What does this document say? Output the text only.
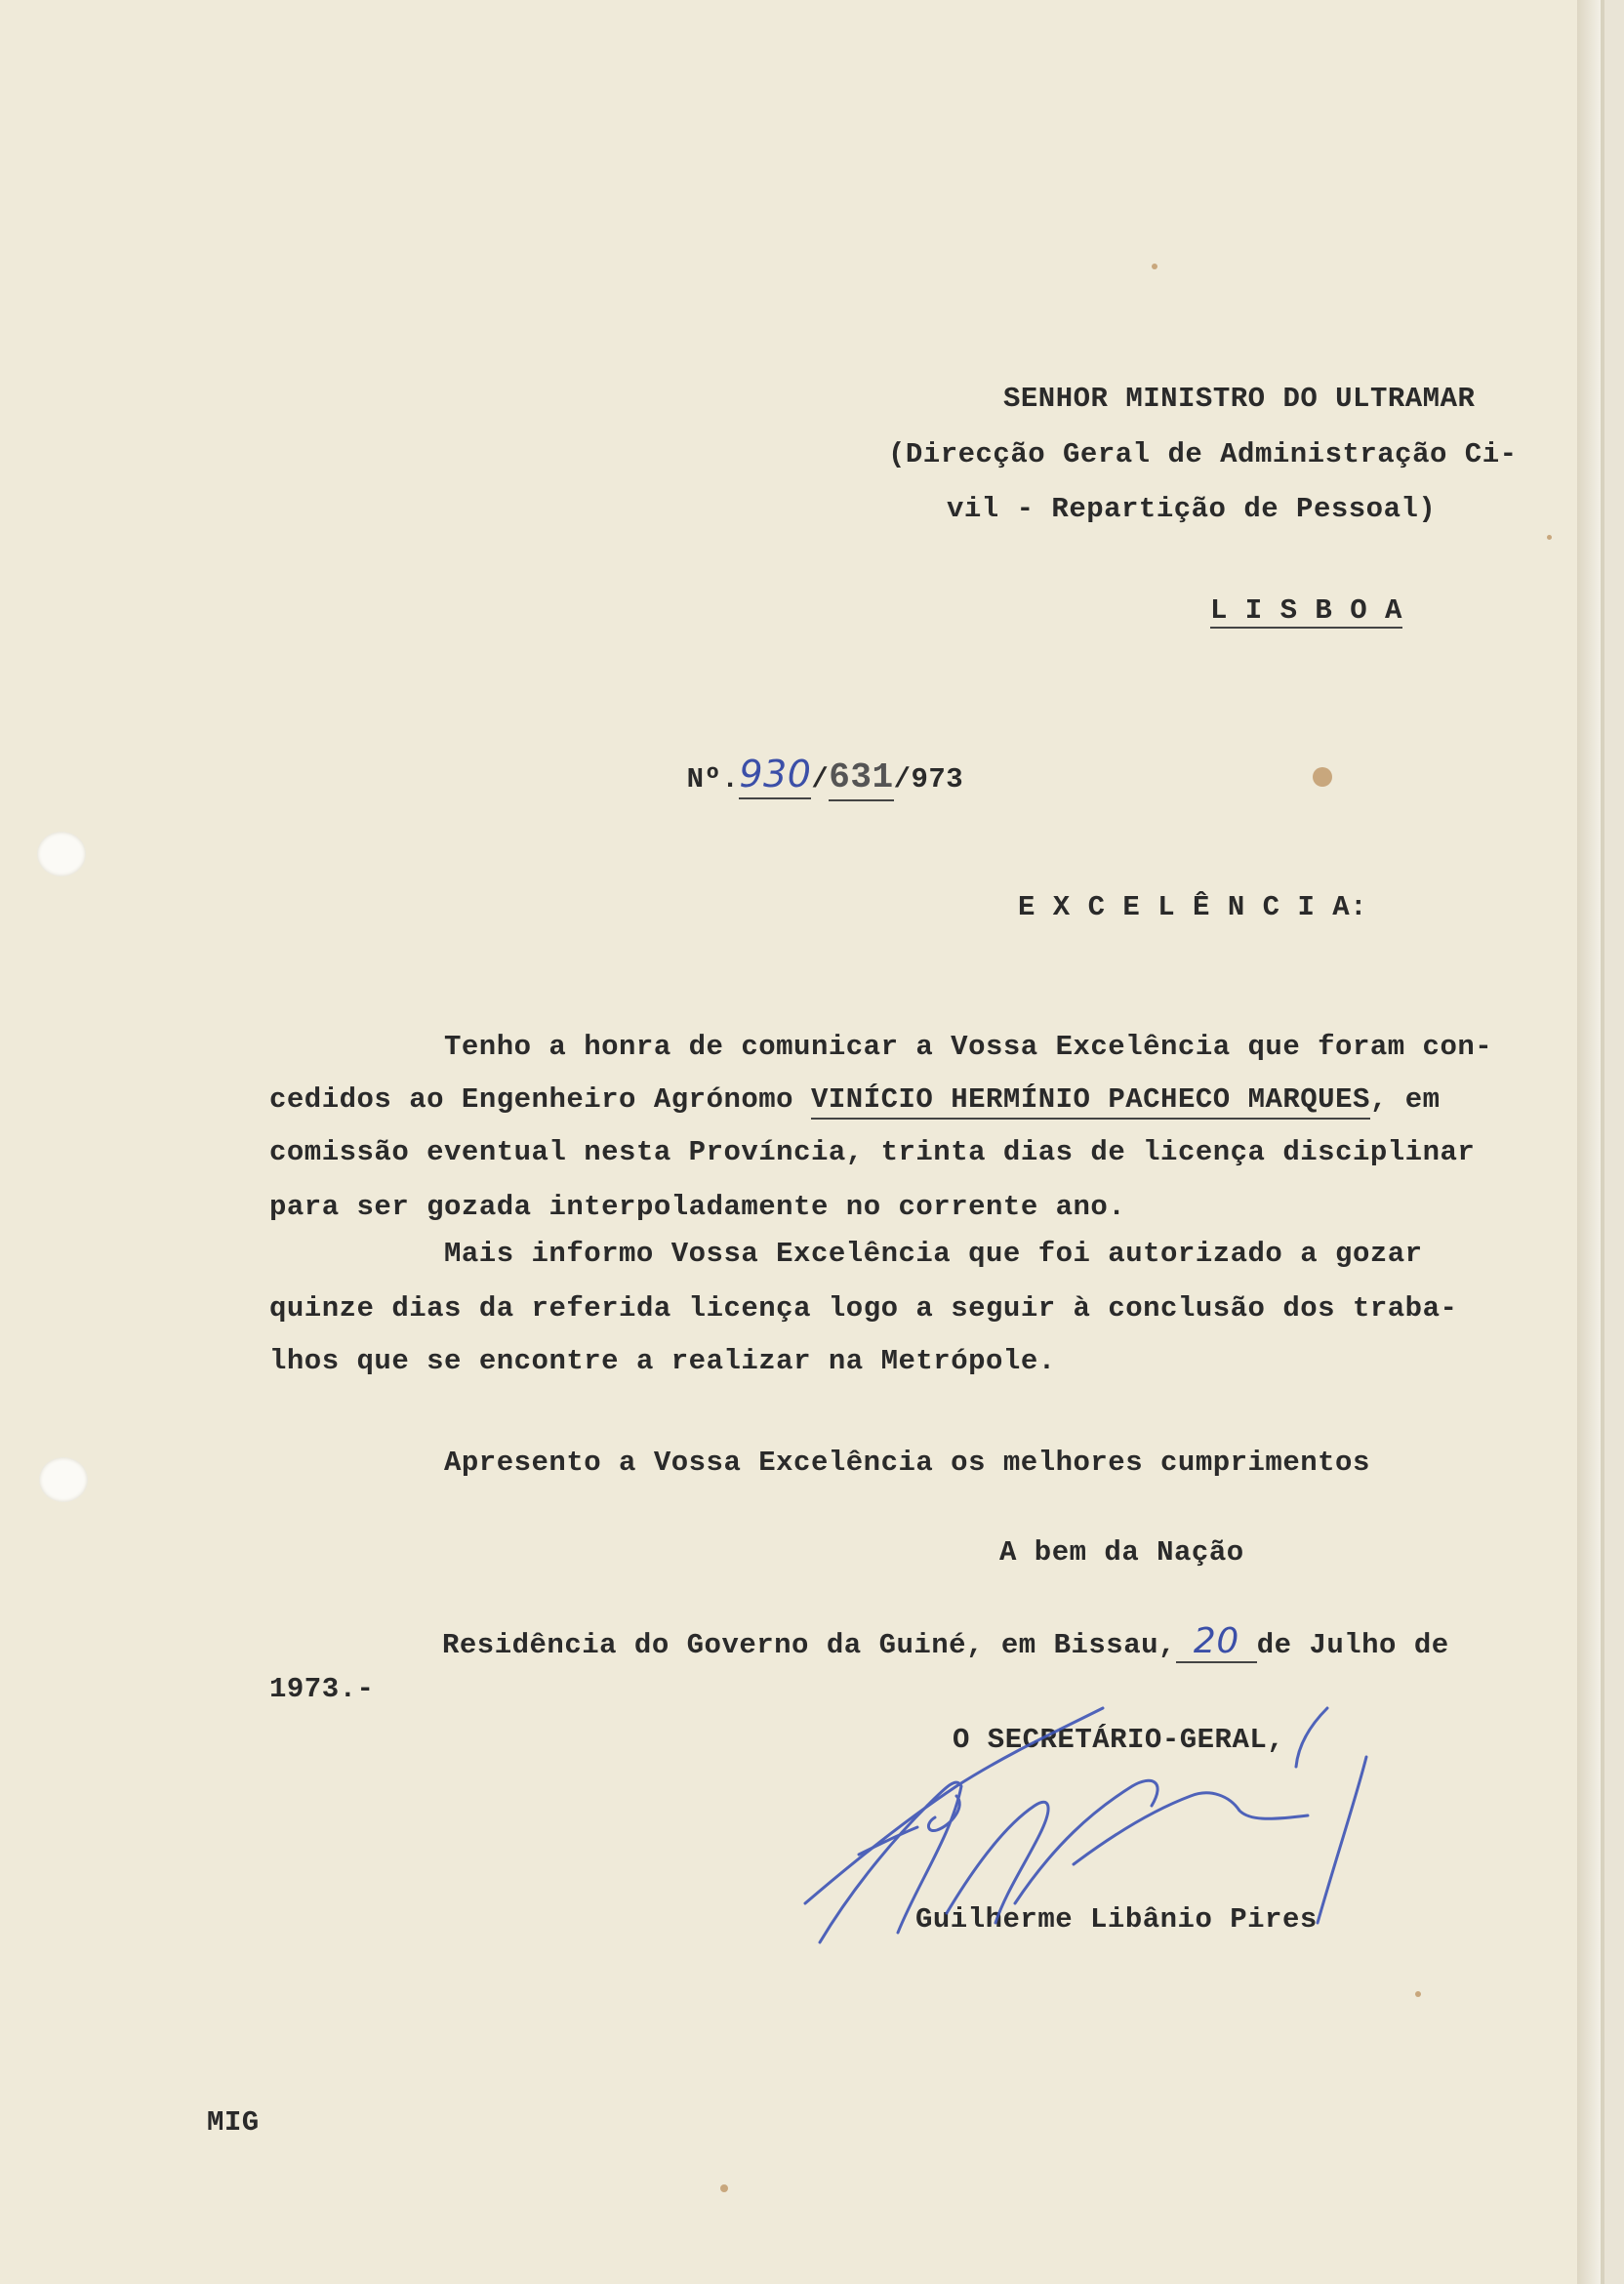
SENHOR MINISTRO DO ULTRAMAR
(Direcção Geral de Administração Ci-
vil - Repartição de Pessoal)
L I S B O A

Nº.930/631/973

E X C E L Ê N C I A:
Tenho a honra de comunicar a Vossa Excelência que foram con-
cedidos ao Engenheiro Agrónomo VINÍCIO HERMÍNIO PACHECO MARQUES, em
comissão eventual nesta Província, trinta dias de licença disciplinar
para ser gozada interpoladamente no corrente ano.
Mais informo Vossa Excelência que foi autorizado a gozar
quinze dias da referida licença logo a seguir à conclusão dos traba-
lhos que se encontre a realizar na Metrópole.
Apresento a Vossa Excelência os melhores cumprimentos
A bem da Nação
Residência do Governo da Guiné, em Bissau, 20 de Julho de
1973.-
O SECRETÁRIO-GERAL,
Guilherme Libânio Pires
MIG
